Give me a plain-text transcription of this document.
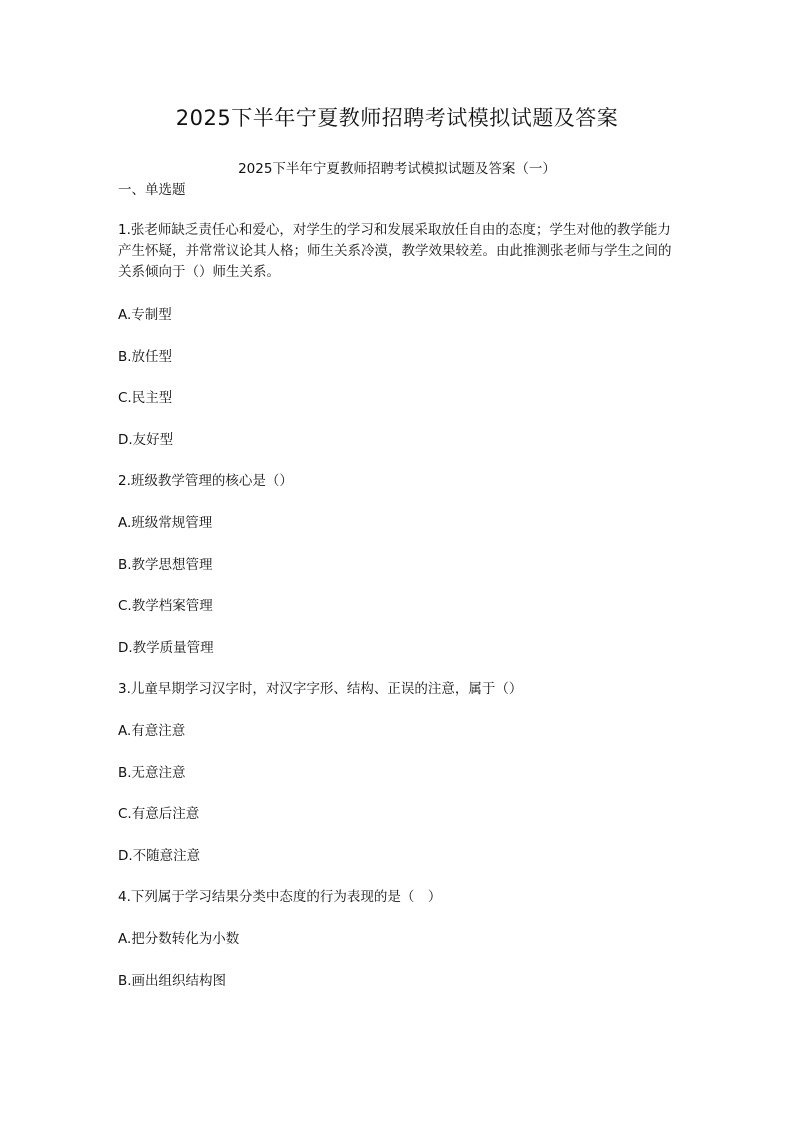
2025下半年宁夏教师招聘考试模拟试题及答案
2025下半年宁夏教师招聘考试模拟试题及答案（一）
一、单选题
1.张老师缺乏责任心和爱心，对学生的学习和发展采取放任自由的态度；学生对他的教学能力产生怀疑，并常常议论其人格；师生关系冷漠，教学效果较差。由此推测张老师与学生之间的关系倾向于（）师生关系。
A.专制型
B.放任型
C.民主型
D.友好型
2.班级教学管理的核心是（）
A.班级常规管理
B.教学思想管理
C.教学档案管理
D.教学质量管理
3.儿童早期学习汉字时，对汉字字形、结构、正误的注意，属于（）
A.有意注意
B.无意注意
C.有意后注意
D.不随意注意
4.下列属于学习结果分类中态度的行为表现的是（　）
A.把分数转化为小数
B.画出组织结构图
